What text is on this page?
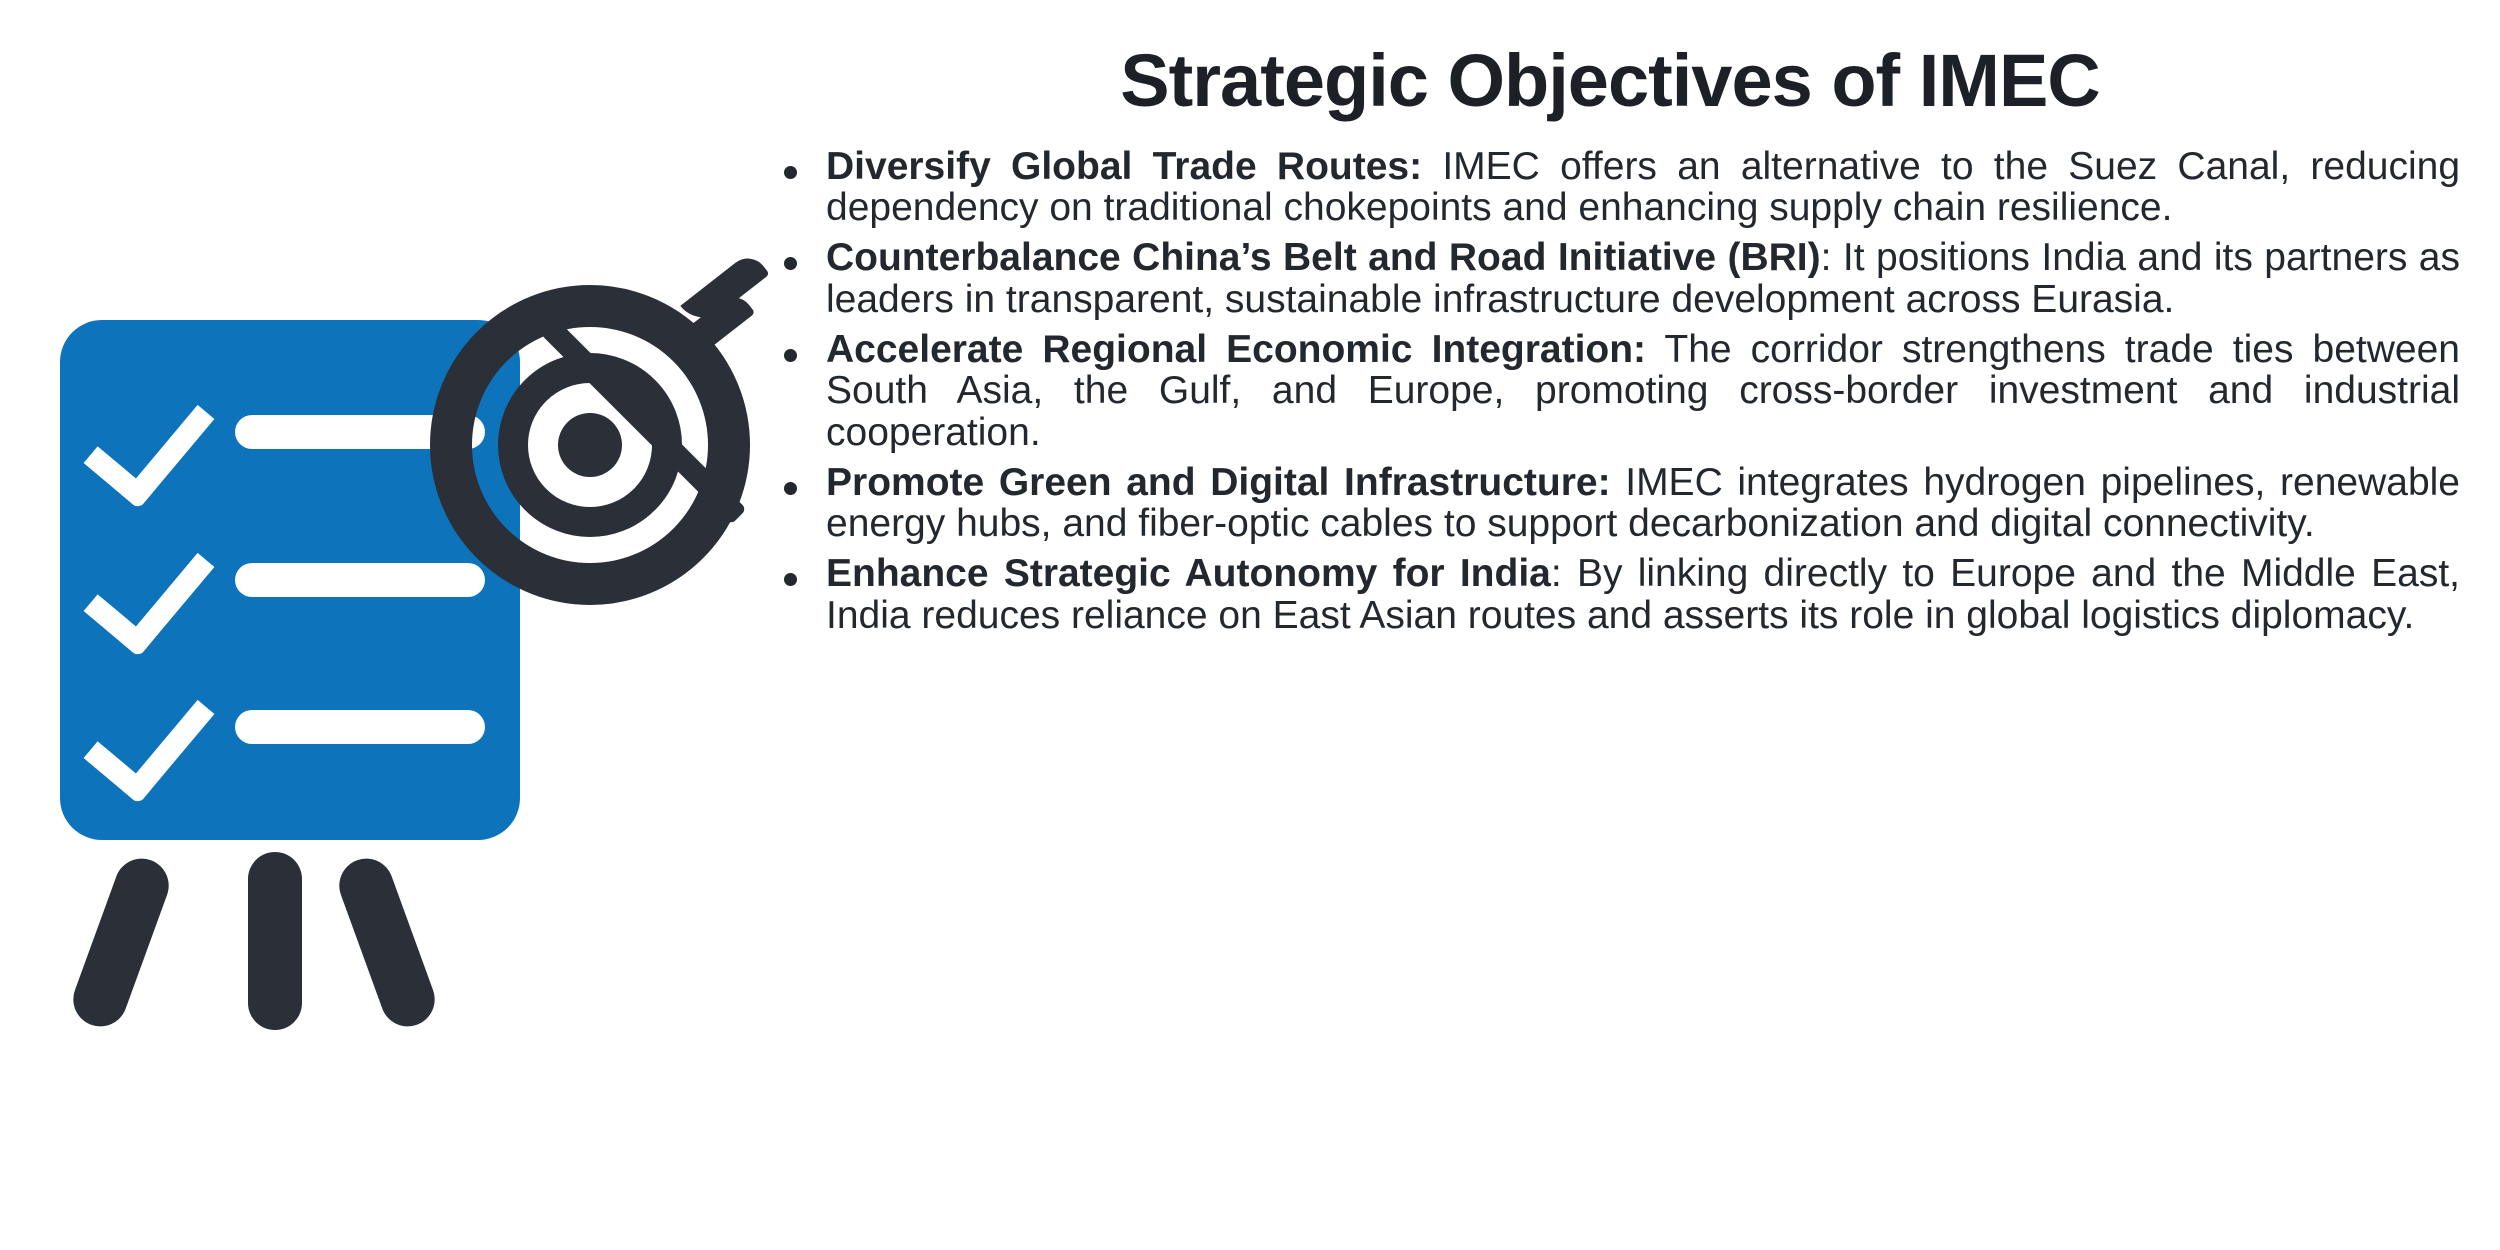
Strategic Objectives of IMEC
Diversify Global Trade Routes: IMEC offers an alternative to the Suez Canal, reducing dependency on traditional chokepoints and enhancing supply chain resilience.
Counterbalance China’s Belt and Road Initiative (BRI): It positions India and its partners as leaders in transparent, sustainable infrastructure development across Eurasia.
Accelerate Regional Economic Integration: The corridor strengthens trade ties between South Asia, the Gulf, and Europe, promoting cross-border investment and industrial cooperation.
Promote Green and Digital Infrastructure: IMEC integrates hydrogen pipelines, renewable energy hubs, and fiber-optic cables to support decarbonization and digital connectivity.
Enhance Strategic Autonomy for India: By linking directly to Europe and the Middle East, India reduces reliance on East Asian routes and asserts its role in global logistics diplomacy.
